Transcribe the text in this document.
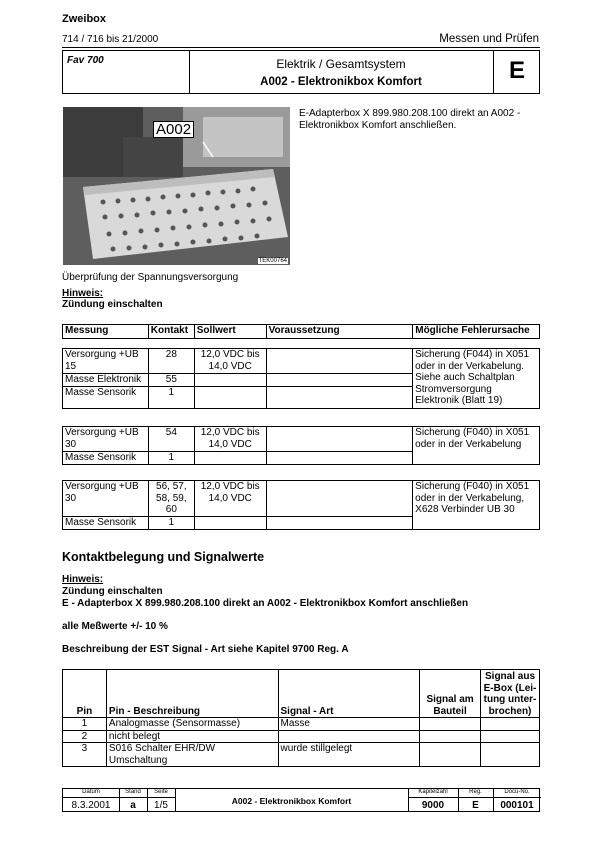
Zweibox
714 / 716 bis 21/2000	Messen und Prüfen
Fav 700	Elektrik / Gesamtsystem
A002 - Elektronikbox Komfort	E
A002
TEK00764
E-Adapterbox X 899.980.208.100 direkt an A002 - Elektronikbox Komfort anschließen.
Überprüfung der Spannungsversorgung
Hinweis:
Zündung einschalten
Messung	Kontakt	Sollwert	Voraussetzung	Mögliche Fehlerursache
Versorgung +UB 15	28	12,0 VDC bis 14,0 VDC		Sicherung (F044) in X051 oder in der Verkabelung. Siehe auch Schaltplan Stromversorgung Elektronik (Blatt 19)
Masse Elektronik	55			
Masse Sensorik	1			
Versorgung +UB 30	54	12,0 VDC bis 14,0 VDC		Sicherung (F040) in X051 oder in der Verkabelung
Masse Sensorik	1			
Versorgung +UB 30	56, 57, 58, 59, 60	12,0 VDC bis 14,0 VDC		Sicherung (F040) in X051 oder in der Verkabelung, X628 Verbinder UB 30
Masse Sensorik	1			
Kontaktbelegung und Signalwerte
Hinweis:
Zündung einschalten
E - Adapterbox X 899.980.208.100 direkt an A002 - Elektronikbox Komfort anschließen
alle Meßwerte +/- 10 %
Beschreibung der EST Signal - Art siehe Kapitel 9700 Reg. A
Pin	Pin - Beschreibung	Signal - Art	Signal am Bauteil	Signal aus E-Box (Lei-tung unter-brochen)
1	Analogmasse (Sensormasse)	Masse		
2	nicht belegt			
3	S016 Schalter EHR/DW Umschaltung	wurde stillgelegt		
Datum	Stand	Seite	Kapitelzahl	Reg.	Docu-No.
8.3.2001	a	1/5	A002 - Elektronikbox Komfort	9000	E	000101
